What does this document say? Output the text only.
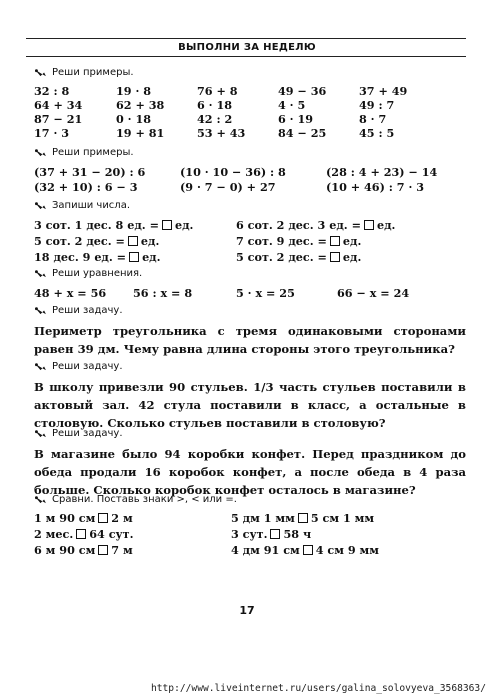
ВЫПОЛНИ ЗА НЕДЕЛЮ
Реши примеры.
32 : 8
64 + 34
87 − 21
17 · 3
19 · 8
62 + 38
0 · 18
19 + 81
76 + 8
6 · 18
42 : 2
53 + 43
49 − 36
4 · 5
6 · 19
84 − 25
37 + 49
49 : 7
8 · 7
45 : 5
Реши примеры.
(37 + 31 − 20) : 6
(32 + 10) : 6 − 3
(10 · 10 − 36) : 8
(9 · 7 − 0) + 27
(28 : 4 + 23) − 14
(10 + 46) : 7 · 3
Запиши числа.
3 сот. 1 дес. 8 ед. = ед.
5 сот. 2 дес. = ед.
18 дес. 9 ед. = ед.
6 сот. 2 дес. 3 ед. = ед.
7 сот. 9 дес. = ед.
5 сот. 2 дес. = ед.
Реши уравнения.
48 + x = 56 56 : x = 8	5 · x = 25	66 − x = 24
Реши задачу.
Периметр треугольника с тремя одинаковыми сторонами равен 39 дм. Чему равна длина стороны этого треугольника?
Реши задачу.
В школу привезли 90 стульев. 1/3 часть стульев поставили в актовый зал. 42 стула поставили в класс, а остальные в столовую. Сколько стульев поставили в столовую?
Реши задачу.
В магазине было 94 коробки конфет. Перед праздником до обеда продали 16 коробок конфет, а после обеда в 4 раза больше. Сколько коробок конфет осталось в магазине?
Сравни. Поставь знаки >, < или =.
1 м 90 см 2 м
2 мес. 64 сут.
6 м 90 см 7 м
5 дм 1 мм 5 см 1 мм
3 сут. 58 ч
4 дм 91 см 4 см 9 мм
17
http://www.liveinternet.ru/users/galina_solovyeva_3568363/
